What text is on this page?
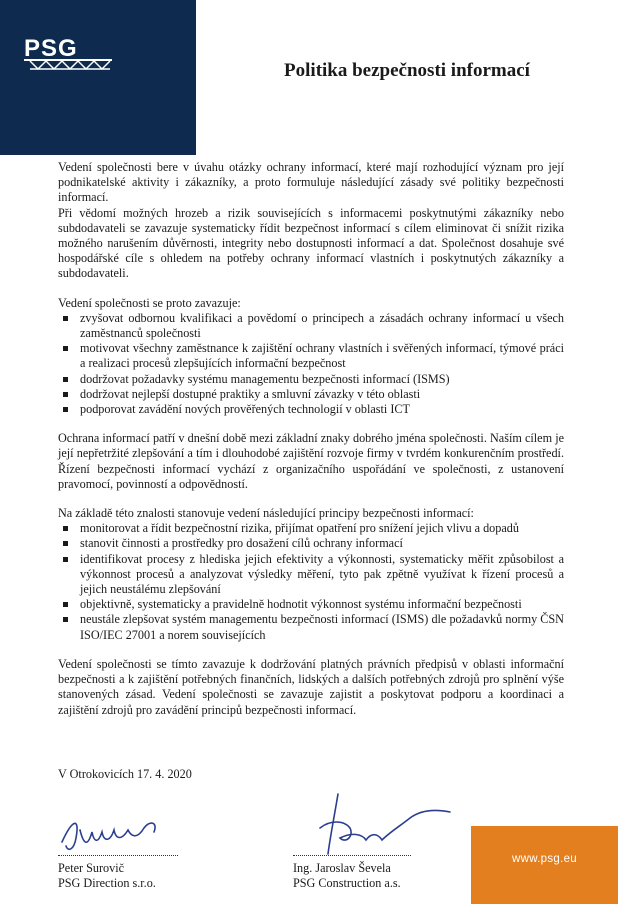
PSG
Politika bezpečnosti informací

Vedení společnosti bere v úvahu otázky ochrany informací, které mají rozhodující význam pro její podnikatelské aktivity i zákazníky, a proto formuluje následující zásady své politiky bezpečnosti informací.

Při vědomí možných hrozeb a rizik souvisejících s informacemi poskytnutými zákazníky nebo subdodavateli se zavazuje systematicky řídit bezpečnost informací s cílem eliminovat či snížit rizika možného narušením důvěrnosti, integrity nebo dostupnosti informací a dat. Společnost dosahuje své hospodářské cíle s ohledem na potřeby ochrany informací vlastních i poskytnutých zákazníky a subdodavateli.

Vedení společnosti se proto zavazuje:

zvyšovat odbornou kvalifikaci a povědomí o principech a zásadách ochrany informací u všech zaměstnanců společnosti
motivovat všechny zaměstnance k zajištění ochrany vlastních i svěřených informací, týmové práci a realizaci procesů zlepšujících informační bezpečnost
dodržovat požadavky systému managementu bezpečnosti informací (ISMS)
dodržovat nejlepší dostupné praktiky a smluvní závazky v této oblasti
podporovat zavádění nových prověřených technologií v oblasti ICT

Ochrana informací patří v dnešní době mezi základní znaky dobrého jména společnosti. Naším cílem je její nepřetržité zlepšování a tím i dlouhodobé zajištění rozvoje firmy v tvrdém konkurenčním prostředí. Řízení bezpečnosti informací vychází z organizačního uspořádání ve společnosti, z ustanovení pravomocí, povinností a odpovědností.

Na základě této znalosti stanovuje vedení následující principy bezpečnosti informací:

monitorovat a řídit bezpečnostní rizika, přijímat opatření pro snížení jejich vlivu a dopadů
stanovit činnosti a prostředky pro dosažení cílů ochrany informací
identifikovat procesy z hlediska jejich efektivity a výkonnosti, systematicky měřit způsobilost a výkonnost procesů a analyzovat výsledky měření, tyto pak zpětně využívat k řízení procesů a jejich neustálému zlepšování
objektivně, systematicky a pravidelně hodnotit výkonnost systému informační bezpečnosti
neustále zlepšovat systém managementu bezpečnosti informací (ISMS) dle požadavků normy ČSN ISO/IEC 27001 a norem souvisejících

Vedení společnosti se tímto zavazuje k dodržování platných právních předpisů v oblasti informační bezpečnosti a k zajištění potřebných finančních, lidských a dalších potřebných zdrojů pro splnění výše stanovených zásad. Vedení společnosti se zavazuje zajistit a poskytovat podporu a koordinaci a zajištění zdrojů pro zavádění principů bezpečnosti informací.

V Otrokovicích 17. 4. 2020
Peter Surovič
PSG Direction s.r.o.
Ing. Jaroslav Ševela
PSG Construction a.s.
www.psg.eu
